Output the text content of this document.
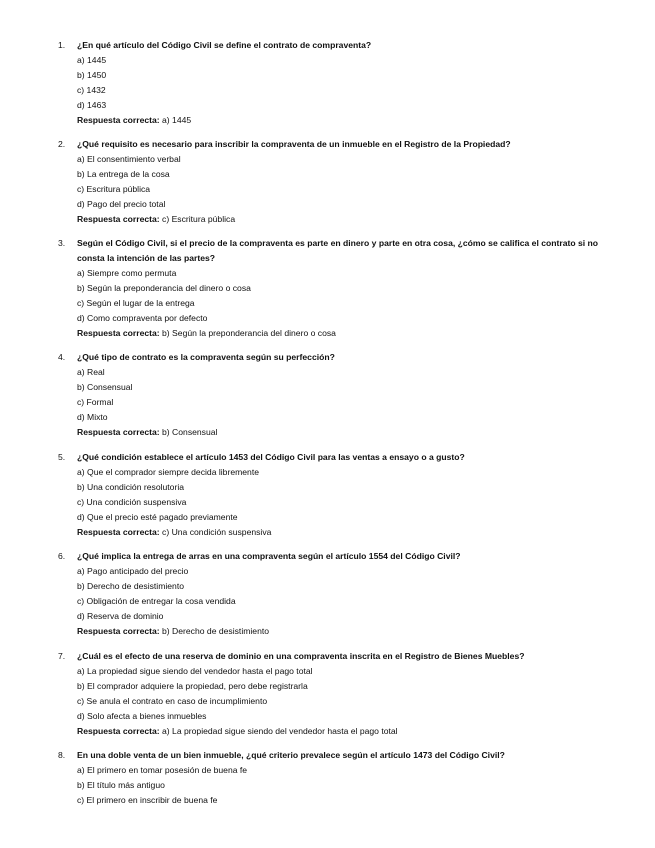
1.	¿En qué artículo del Código Civil se define el contrato de compraventa?
a) 1445
b) 1450
c) 1432
d) 1463
Respuesta correcta: a) 1445
2.	¿Qué requisito es necesario para inscribir la compraventa de un inmueble en el Registro de la Propiedad?
a) El consentimiento verbal
b) La entrega de la cosa
c) Escritura pública
d) Pago del precio total
Respuesta correcta: c) Escritura pública
3.	Según el Código Civil, si el precio de la compraventa es parte en dinero y parte en otra cosa, ¿cómo se califica el contrato si no consta la intención de las partes?
a) Siempre como permuta
b) Según la preponderancia del dinero o cosa
c) Según el lugar de la entrega
d) Como compraventa por defecto
Respuesta correcta: b) Según la preponderancia del dinero o cosa
4.	¿Qué tipo de contrato es la compraventa según su perfección?
a) Real
b) Consensual
c) Formal
d) Mixto
Respuesta correcta: b) Consensual
5.	¿Qué condición establece el artículo 1453 del Código Civil para las ventas a ensayo o a gusto?
a) Que el comprador siempre decida libremente
b) Una condición resolutoria
c) Una condición suspensiva
d) Que el precio esté pagado previamente
Respuesta correcta: c) Una condición suspensiva
6.	¿Qué implica la entrega de arras en una compraventa según el artículo 1554 del Código Civil?
a) Pago anticipado del precio
b) Derecho de desistimiento
c) Obligación de entregar la cosa vendida
d) Reserva de dominio
Respuesta correcta: b) Derecho de desistimiento
7.	¿Cuál es el efecto de una reserva de dominio en una compraventa inscrita en el Registro de Bienes Muebles?
a) La propiedad sigue siendo del vendedor hasta el pago total
b) El comprador adquiere la propiedad, pero debe registrarla
c) Se anula el contrato en caso de incumplimiento
d) Solo afecta a bienes inmuebles
Respuesta correcta: a) La propiedad sigue siendo del vendedor hasta el pago total
8.	En una doble venta de un bien inmueble, ¿qué criterio prevalece según el artículo 1473 del Código Civil?
a) El primero en tomar posesión de buena fe
b) El título más antiguo
c) El primero en inscribir de buena fe
